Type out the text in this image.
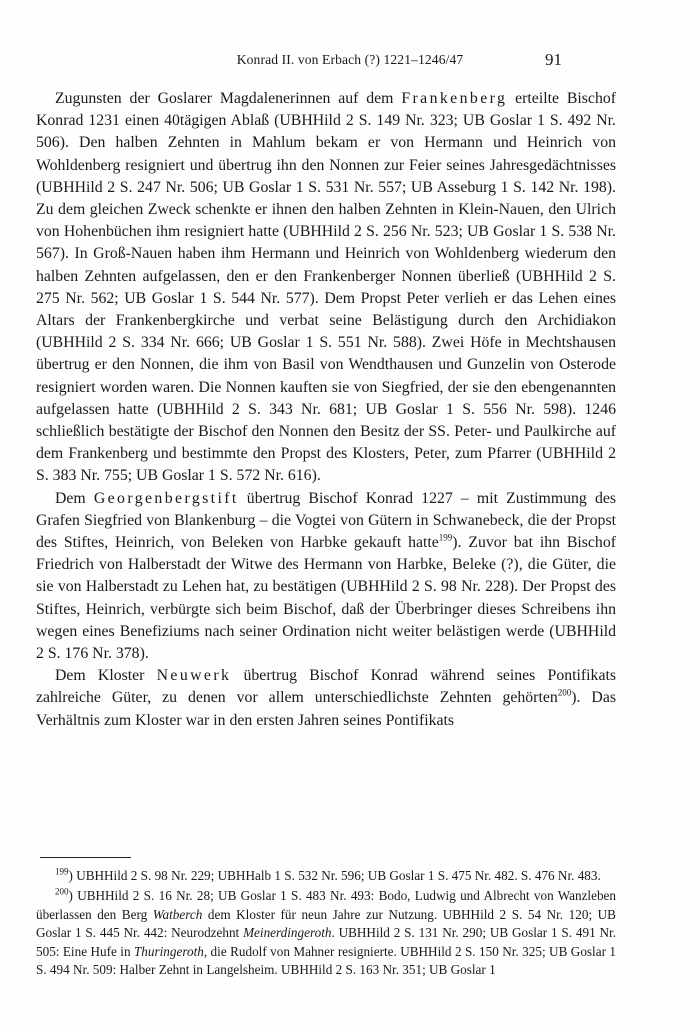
Konrad II. von Erbach (?) 1221–1246/47	91

Zugunsten der Goslarer Magdalenerinnen auf dem Frankenberg erteilte Bischof Konrad 1231 einen 40tägigen Ablaß (UBHHild 2 S. 149 Nr. 323; UB Goslar 1 S. 492 Nr. 506). Den halben Zehnten in Mahlum bekam er von Hermann und Heinrich von Wohldenberg resigniert und übertrug ihn den Nonnen zur Feier seines Jahresgedächtnisses (UBHHild 2 S. 247 Nr. 506; UB Goslar 1 S. 531 Nr. 557; UB Asseburg 1 S. 142 Nr. 198). Zu dem gleichen Zweck schenkte er ihnen den halben Zehnten in Klein-Nauen, den Ulrich von Hohenbüchen ihm resigniert hatte (UBHHild 2 S. 256 Nr. 523; UB Goslar 1 S. 538 Nr. 567). In Groß-Nauen haben ihm Hermann und Heinrich von Wohldenberg wiederum den halben Zehnten aufgelassen, den er den Frankenberger Nonnen überließ (UBHHild 2 S. 275 Nr. 562; UB Goslar 1 S. 544 Nr. 577). Dem Propst Peter verlieh er das Lehen eines Altars der Frankenbergkirche und verbat seine Belästigung durch den Archidiakon (UBHHild 2 S. 334 Nr. 666; UB Goslar 1 S. 551 Nr. 588). Zwei Höfe in Mechtshausen übertrug er den Nonnen, die ihm von Basil von Wendthausen und Gunzelin von Osterode resigniert worden waren. Die Nonnen kauften sie von Siegfried, der sie den ebengenannten aufgelassen hatte (UBHHild 2 S. 343 Nr. 681; UB Goslar 1 S. 556 Nr. 598). 1246 schließlich bestätigte der Bischof den Nonnen den Besitz der SS. Peter- und Paulkirche auf dem Frankenberg und bestimmte den Propst des Klosters, Peter, zum Pfarrer (UBHHild 2 S. 383 Nr. 755; UB Goslar 1 S. 572 Nr. 616).

Dem Georgenbergstift übertrug Bischof Konrad 1227 – mit Zustimmung des Grafen Siegfried von Blankenburg – die Vogtei von Gütern in Schwanebeck, die der Propst des Stiftes, Heinrich, von Beleken von Harbke gekauft hatte$^{199}$). Zuvor bat ihn Bischof Friedrich von Halberstadt der Witwe des Hermann von Harbke, Beleke (?), die Güter, die sie von Halberstadt zu Lehen hat, zu bestätigen (UBHHild 2 S. 98 Nr. 228). Der Propst des Stiftes, Heinrich, verbürgte sich beim Bischof, daß der Überbringer dieses Schreibens ihn wegen eines Benefiziums nach seiner Ordination nicht weiter belästigen werde (UBHHild 2 S. 176 Nr. 378).

Dem Kloster Neuwerk übertrug Bischof Konrad während seines Pontifikats zahlreiche Güter, zu denen vor allem unterschiedlichste Zehnten gehörten$^{200}$). Das Verhältnis zum Kloster war in den ersten Jahren seines Pontifikats

$^{199}$) UBHHild 2 S. 98 Nr. 229; UBHHalb 1 S. 532 Nr. 596; UB Goslar 1 S. 475 Nr. 482. S. 476 Nr. 483.

$^{200}$) UBHHild 2 S. 16 Nr. 28; UB Goslar 1 S. 483 Nr. 493: Bodo, Ludwig und Albrecht von Wanzleben überlassen den Berg Watberch dem Kloster für neun Jahre zur Nutzung. UBHHild 2 S. 54 Nr. 120; UB Goslar 1 S. 445 Nr. 442: Neurodzehnt Meinerdingeroth. UBHHild 2 S. 131 Nr. 290; UB Goslar 1 S. 491 Nr. 505: Eine Hufe in Thuringeroth, die Rudolf von Mahner resignierte. UBHHild 2 S. 150 Nr. 325; UB Goslar 1 S. 494 Nr. 509: Halber Zehnt in Langelsheim. UBHHild 2 S. 163 Nr. 351; UB Goslar 1
